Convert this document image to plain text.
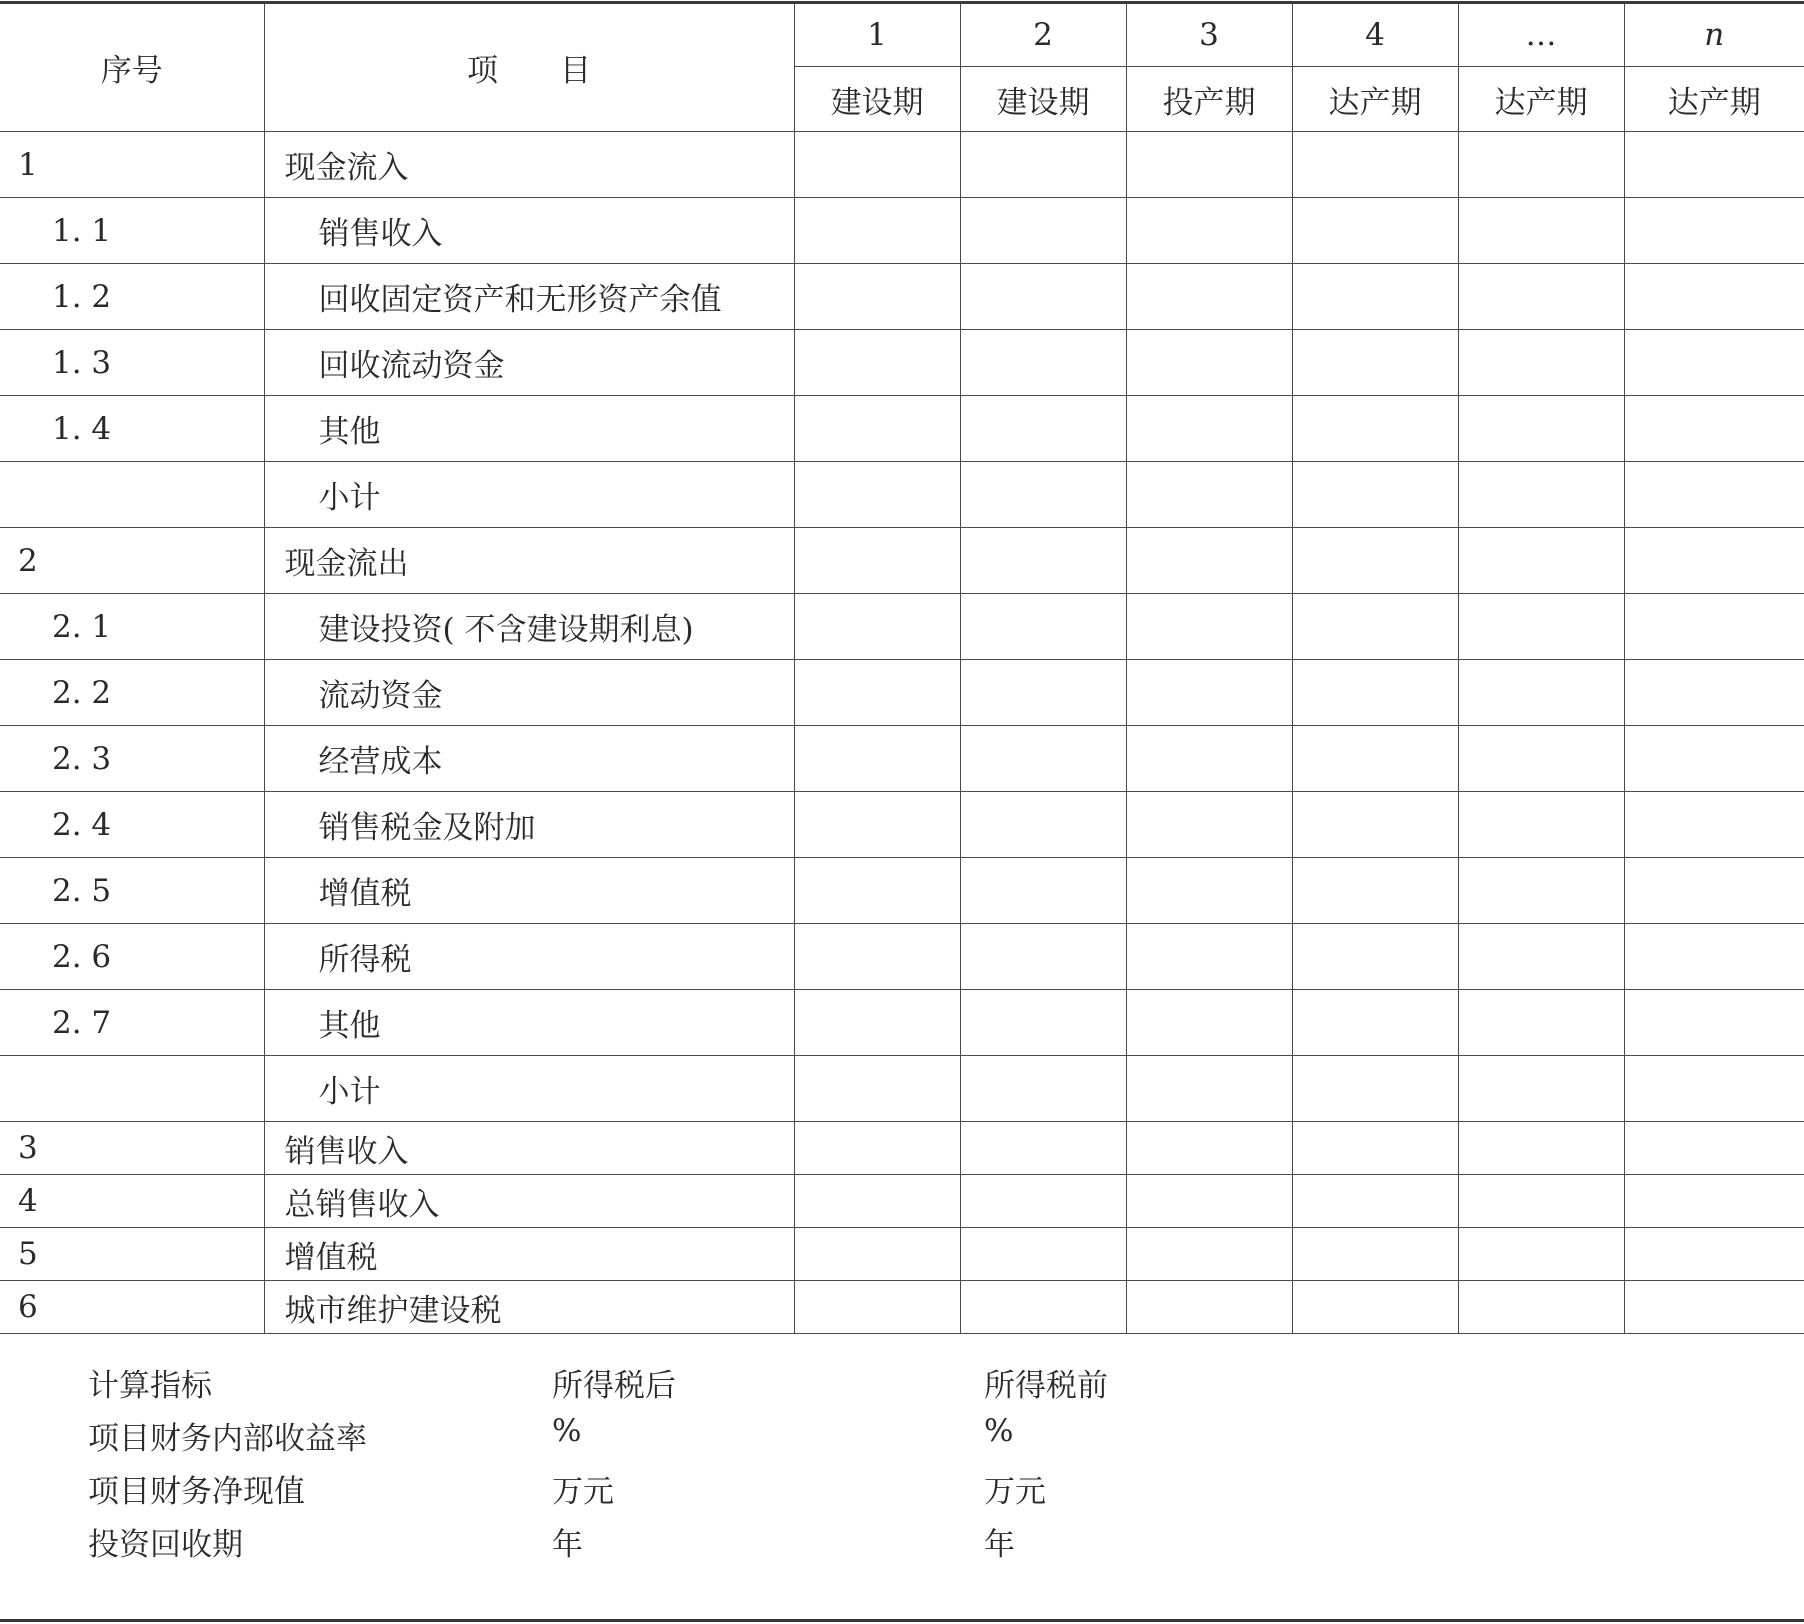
序号	项　　目	1	2	3	4	…	n
		建设期	建设期	投产期	达产期	达产期	达产期
1	现金流入						
1. 1	销售收入						
1. 2	回收固定资产和无形资产余值						
1. 3	回收流动资金						
1. 4	其他						
	小计						
2	现金流出						
2. 1	建设投资( 不含建设期利息)						
2. 2	流动资金						
2. 3	经营成本						
2. 4	销售税金及附加						
2. 5	增值税						
2. 6	所得税						
2. 7	其他						
	小计						
3	销售收入						
4	总销售收入						
5	增值税						
6	城市维护建设税						
计算指标	所得税后	所得税前
项目财务内部收益率	%	%
项目财务净现值	万元	万元
投资回收期	年	年
